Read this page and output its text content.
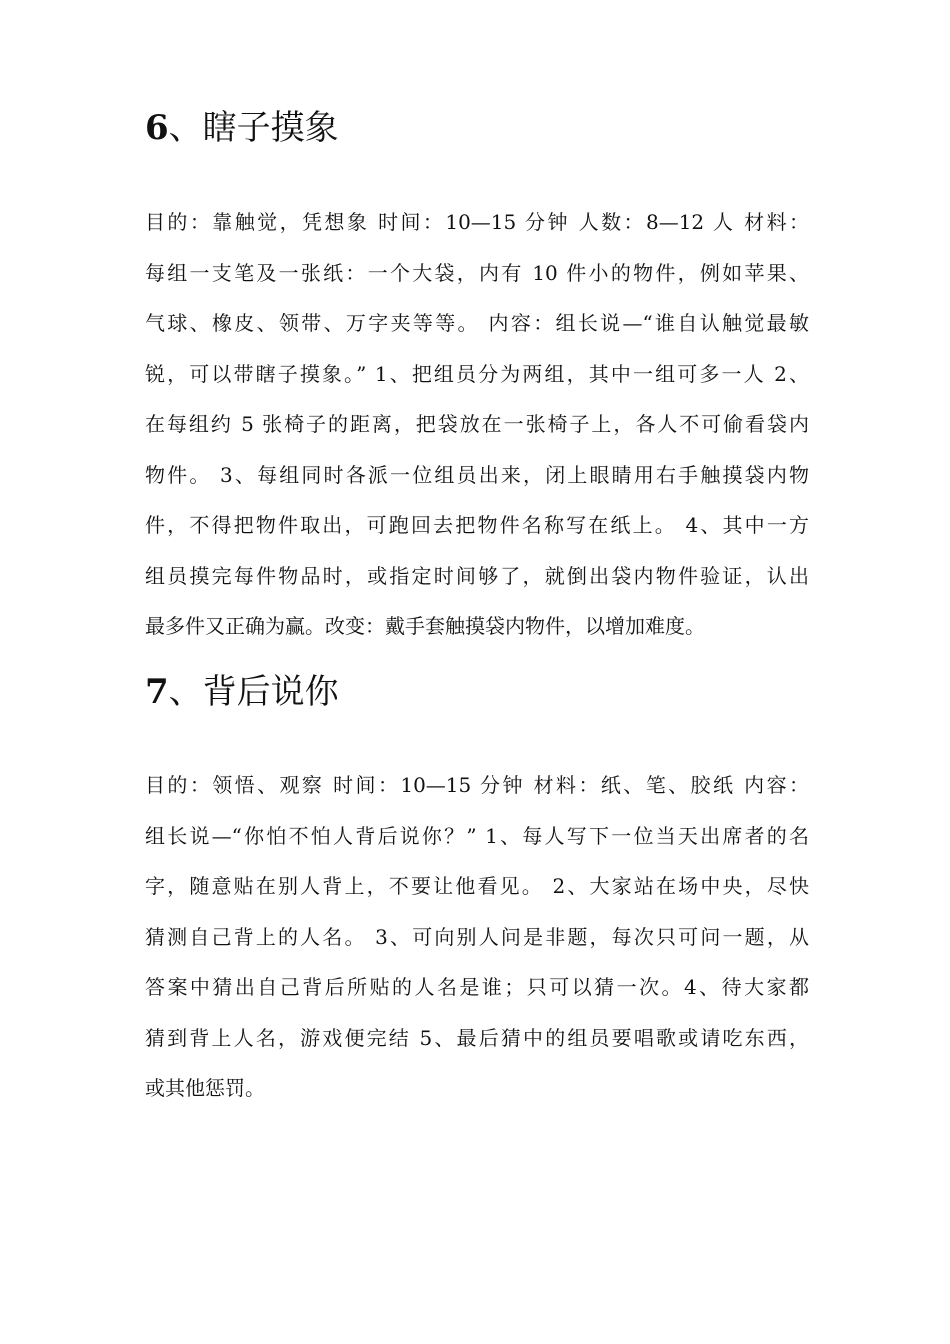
6、瞎子摸象
目的：靠触觉，凭想象 时间：10—15 分钟 人数：8—12 人 材料：
每组一支笔及一张纸：一个大袋，内有 10 件小的物件，例如苹果、
气球、橡皮、领带、万字夹等等。 内容：组长说—“谁自认触觉最敏
锐，可以带瞎子摸象。” 1、把组员分为两组，其中一组可多一人 2、
在每组约 5 张椅子的距离，把袋放在一张椅子上，各人不可偷看袋内
物件。 3、每组同时各派一位组员出来，闭上眼睛用右手触摸袋内物
件，不得把物件取出，可跑回去把物件名称写在纸上。 4、其中一方
组员摸完每件物品时，或指定时间够了，就倒出袋内物件验证，认出
最多件又正确为赢。改变：戴手套触摸袋内物件，以增加难度。
7、背后说你
目的：领悟、观察 时间：10—15 分钟 材料：纸、笔、胶纸 内容：
组长说—“你怕不怕人背后说你？” 1、每人写下一位当天出席者的名
字，随意贴在别人背上，不要让他看见。 2、大家站在场中央，尽快
猜测自己背上的人名。 3、可向别人问是非题，每次只可问一题，从
答案中猜出自己背后所贴的人名是谁；只可以猜一次。4、待大家都
猜到背上人名，游戏便完结 5、最后猜中的组员要唱歌或请吃东西，
或其他惩罚。
